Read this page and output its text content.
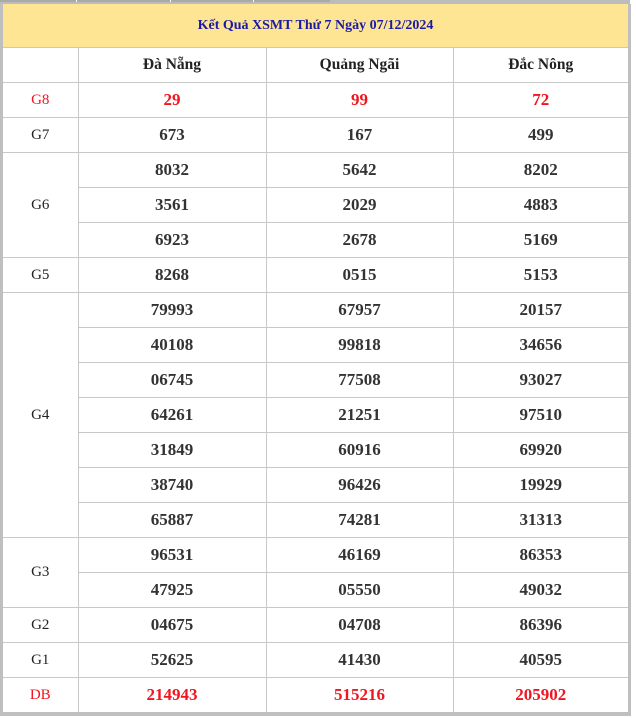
Kết Quả XSMT Thứ 7 Ngày 07/12/2024			
	Đà Nẵng	Quảng Ngãi	Đắc Nông
G8	29	99	72
G7	673	167	499
G6	8032	5642	8202
	3561	2029	4883
	6923	2678	5169
G5	8268	0515	5153
G4	79993	67957	20157
	40108	99818	34656
	06745	77508	93027
	64261	21251	97510
	31849	60916	69920
	38740	96426	19929
	65887	74281	31313
G3	96531	46169	86353
	47925	05550	49032
G2	04675	04708	86396
G1	52625	41430	40595
DB	214943	515216	205902
